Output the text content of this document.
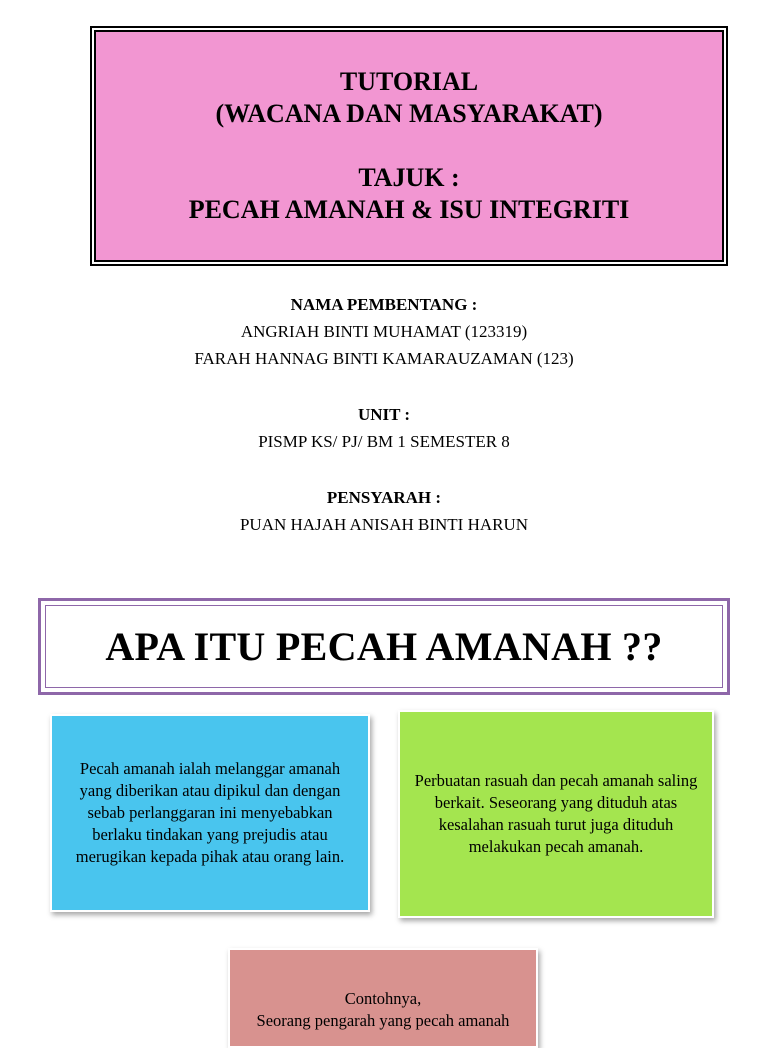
TUTORIAL
(WACANA DAN MASYARAKAT)
TAJUK :
PECAH AMANAH & ISU INTEGRITI
NAMA PEMBENTANG :
ANGRIAH BINTI MUHAMAT (123319)
FARAH HANNAG BINTI KAMARAUZAMAN (123)
UNIT :
PISMP KS/ PJ/ BM 1 SEMESTER 8
PENSYARAH :
PUAN HAJAH ANISAH BINTI HARUN
APA ITU PECAH AMANAH ??
Pecah amanah ialah melanggar amanah yang diberikan atau dipikul dan dengan sebab perlanggaran ini menyebabkan berlaku tindakan yang prejudis atau merugikan kepada pihak atau orang lain.
Perbuatan rasuah dan pecah amanah saling berkait. Seseorang yang dituduh atas kesalahan rasuah turut juga dituduh melakukan pecah amanah.
Contohnya,
Seorang pengarah yang pecah amanah
